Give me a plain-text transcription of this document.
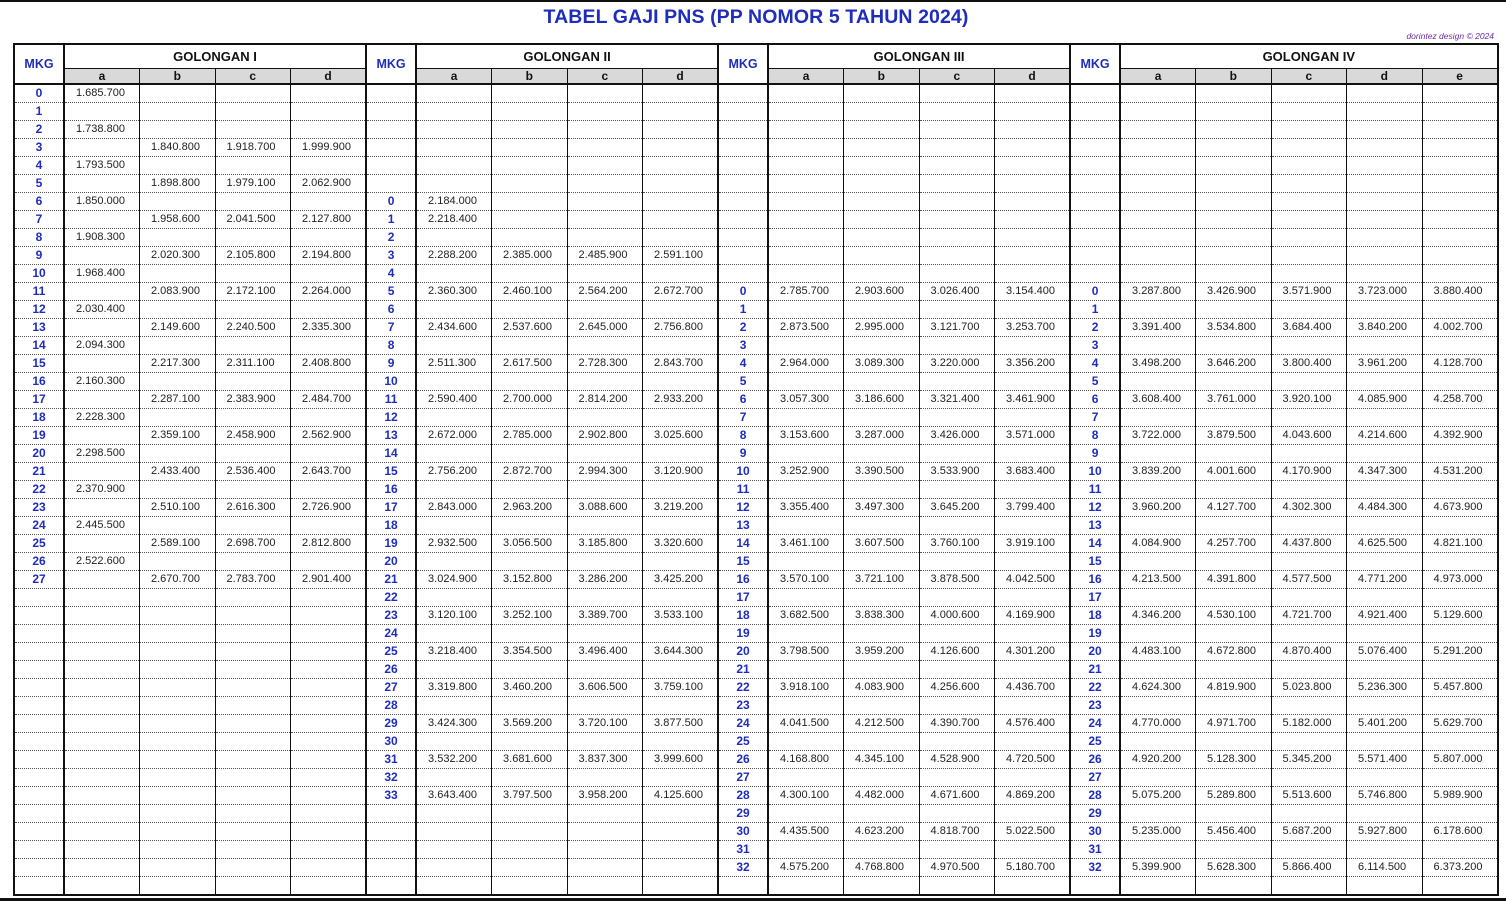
TABEL GAJI PNS (PP NOMOR 5 TAHUN 2024)
dorintez design © 2024
MKG	GOLONGAN I				MKG	GOLONGAN II				MKG	GOLONGAN III				MKG	GOLONGAN IV				
	a	b	c	d		a	b	c	d		a	b	c	d		a	b	c	d	e
0	1.685.700																			
1																				
2	1.738.800																			
3		1.840.800	1.918.700	1.999.900																
4	1.793.500																			
5		1.898.800	1.979.100	2.062.900																
6	1.850.000				0	2.184.000														
7		1.958.600	2.041.500	2.127.800	1	2.218.400														
8	1.908.300				2															
9		2.020.300	2.105.800	2.194.800	3	2.288.200	2.385.000	2.485.900	2.591.100											
10	1.968.400				4															
11		2.083.900	2.172.100	2.264.000	5	2.360.300	2.460.100	2.564.200	2.672.700	0	2.785.700	2.903.600	3.026.400	3.154.400	0	3.287.800	3.426.900	3.571.900	3.723.000	3.880.400
12	2.030.400				6					1					1					
13		2.149.600	2.240.500	2.335.300	7	2.434.600	2.537.600	2.645.000	2.756.800	2	2.873.500	2.995.000	3.121.700	3.253.700	2	3.391.400	3.534.800	3.684.400	3.840.200	4.002.700
14	2.094.300				8					3					3					
15		2.217.300	2.311.100	2.408.800	9	2.511.300	2.617.500	2.728.300	2.843.700	4	2.964.000	3.089.300	3.220.000	3.356.200	4	3.498.200	3.646.200	3.800.400	3.961.200	4.128.700
16	2.160.300				10					5					5					
17		2.287.100	2.383.900	2.484.700	11	2.590.400	2.700.000	2.814.200	2.933.200	6	3.057.300	3.186.600	3.321.400	3.461.900	6	3.608.400	3.761.000	3.920.100	4.085.900	4.258.700
18	2.228.300				12					7					7					
19		2.359.100	2.458.900	2.562.900	13	2.672.000	2.785.000	2.902.800	3.025.600	8	3.153.600	3.287.000	3.426.000	3.571.000	8	3.722.000	3.879.500	4.043.600	4.214.600	4.392.900
20	2.298.500				14					9					9					
21		2.433.400	2.536.400	2.643.700	15	2.756.200	2.872.700	2.994.300	3.120.900	10	3.252.900	3.390.500	3.533.900	3.683.400	10	3.839.200	4.001.600	4.170.900	4.347.300	4.531.200
22	2.370.900				16					11					11					
23		2.510.100	2.616.300	2.726.900	17	2.843.000	2.963.200	3.088.600	3.219.200	12	3.355.400	3.497.300	3.645.200	3.799.400	12	3.960.200	4.127.700	4.302.300	4.484.300	4.673.900
24	2.445.500				18					13					13					
25		2.589.100	2.698.700	2.812.800	19	2.932.500	3.056.500	3.185.800	3.320.600	14	3.461.100	3.607.500	3.760.100	3.919.100	14	4.084.900	4.257.700	4.437.800	4.625.500	4.821.100
26	2.522.600				20					15					15					
27		2.670.700	2.783.700	2.901.400	21	3.024.900	3.152.800	3.286.200	3.425.200	16	3.570.100	3.721.100	3.878.500	4.042.500	16	4.213.500	4.391.800	4.577.500	4.771.200	4.973.000
					22					17					17					
					23	3.120.100	3.252.100	3.389.700	3.533.100	18	3.682.500	3.838.300	4.000.600	4.169.900	18	4.346.200	4.530.100	4.721.700	4.921.400	5.129.600
					24					19					19					
					25	3.218.400	3.354.500	3.496.400	3.644.300	20	3.798.500	3.959.200	4.126.600	4.301.200	20	4.483.100	4.672.800	4.870.400	5.076.400	5.291.200
					26					21					21					
					27	3.319.800	3.460.200	3.606.500	3.759.100	22	3.918.100	4.083.900	4.256.600	4.436.700	22	4.624.300	4.819.900	5.023.800	5.236.300	5.457.800
					28					23					23					
					29	3.424.300	3.569.200	3.720.100	3.877.500	24	4.041.500	4.212.500	4.390.700	4.576.400	24	4.770.000	4.971.700	5.182.000	5.401.200	5.629.700
					30					25					25					
					31	3.532.200	3.681.600	3.837.300	3.999.600	26	4.168.800	4.345.100	4.528.900	4.720.500	26	4.920.200	5.128.300	5.345.200	5.571.400	5.807.000
					32					27					27					
					33	3.643.400	3.797.500	3.958.200	4.125.600	28	4.300.100	4.482.000	4.671.600	4.869.200	28	5.075.200	5.289.800	5.513.600	5.746.800	5.989.900
										29					29					
										30	4.435.500	4.623.200	4.818.700	5.022.500	30	5.235.000	5.456.400	5.687.200	5.927.800	6.178.600
										31					31					
										32	4.575.200	4.768.800	4.970.500	5.180.700	32	5.399.900	5.628.300	5.866.400	6.114.500	6.373.200
